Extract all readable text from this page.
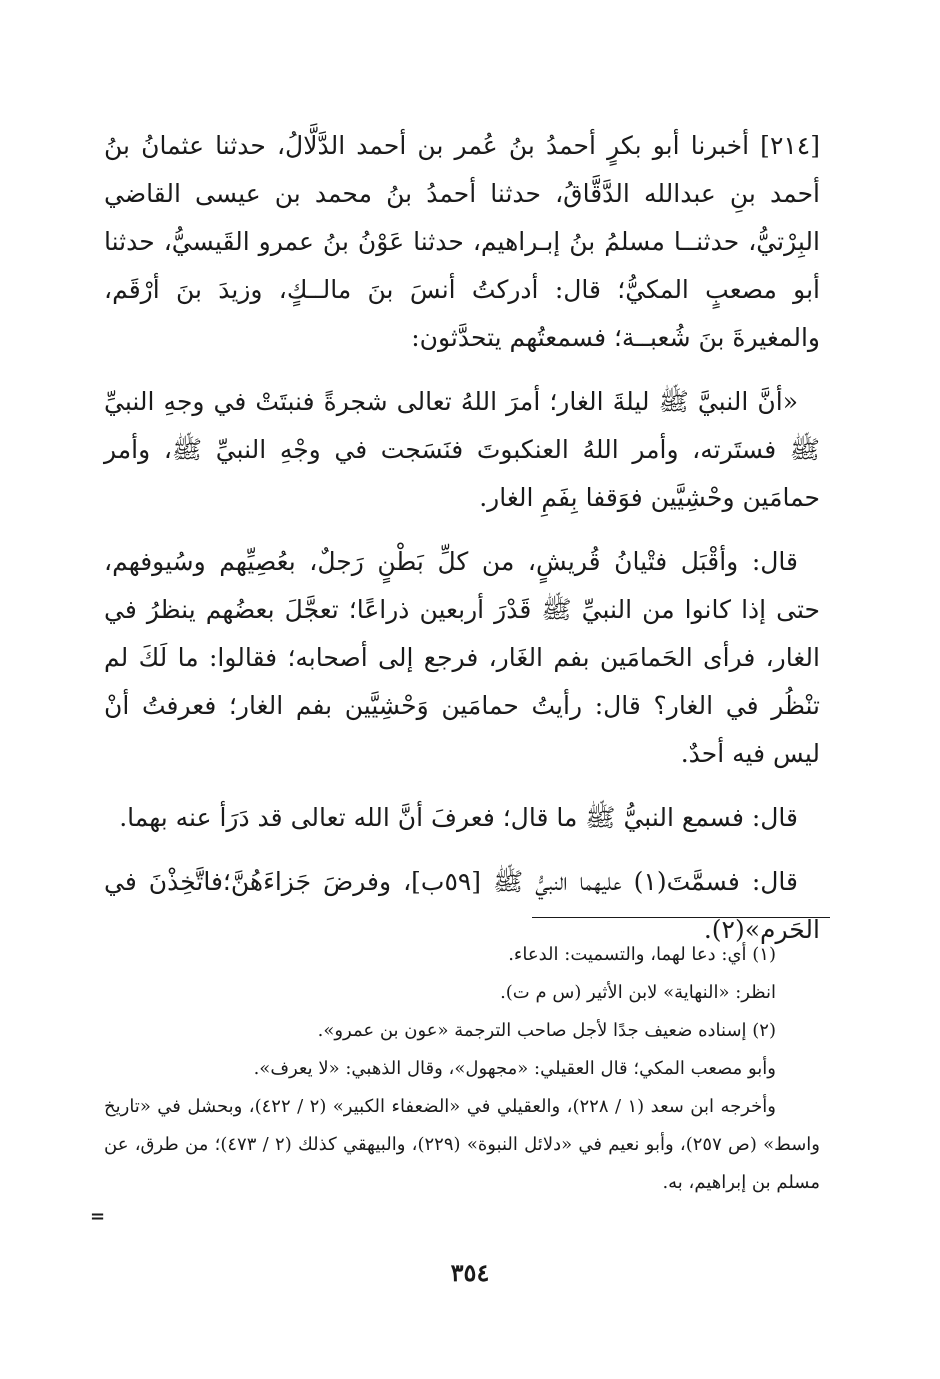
[٢١٤] أخبرنا أبو بكرٍ أحمدُ بنُ عُمر بن أحمد الدَّلَّالُ، حدثنا عثمانُ بنُ أحمد بنِ عبدالله الدَّقَّاقُ، حدثنا أحمدُ بنُ محمد بن عيسى القاضي البِرْتيُّ، حدثنــا مسلمُ بنُ إبـراهيم، حدثنا عَوْنُ بنُ عمرو القَيسيُّ، حدثنا أبو مصعبٍ المكيُّ؛ قال: أدركتُ أنسَ بنَ مالــكٍ، وزيدَ بنَ أرْقَم، والمغيرةَ بنَ شُعبــة؛ فسمعتُهم يتحدَّثون:

«أنَّ النبيَّ ﷺ ليلةَ الغار؛ أمرَ اللهُ تعالى شجرةً فنبتَتْ في وجهِ النبيِّ ﷺ فستَرته، وأمر اللهُ العنكبوتَ فنَسَجت في وجْهِ النبيِّ ﷺ، وأمر حمامَين وحْشِيَّين فوَقفا بِفَمِ الغار.

قال: وأقْبَل فتْيانُ قُريشٍ، من كلِّ بَطْنٍ رَجلٌ، بعُصِيِّهم وسُيوفهم، حتى إذا كانوا من النبيِّ ﷺ قَدْرَ أربعين ذراعًا؛ تعجَّلَ بعضُهم ينظرُ في الغار، فرأى الحَمامَين بفم الغَار، فرجع إلى أصحابه؛ فقالوا: ما لَكَ لم تنْظُر في الغار؟ قال: رأيتُ حمامَين وَحْشِيَّين بفم الغار؛ فعرفتُ أنْ ليس فيه أحدٌ.

قال: فسمع النبيُّ ﷺ ما قال؛ فعرفَ أنَّ الله تعالى قد دَرَأ عنه بهما.

قال: فسمَّتَ(١) عليهما النبيُّ ﷺ [٥٩ب]، وفرضَ جَزاءَهُنَّ؛فاتَّخِذْنَ في الحَرم»(٢).

(١) أي: دعا لهما، والتسميت: الدعاء.

انظر: «النهاية» لابن الأثير (س م ت).

(٢) إسناده ضعيف جدًا لأجل صاحب الترجمة «عون بن عمرو».

وأبو مصعب المكي؛ قال العقيلي: «مجهول»، وقال الذهبي: «لا يعرف».

وأخرجه ابن سعد (١ / ٢٢٨)، والعقيلي في «الضعفاء الكبير» (٢ / ٤٢٢)، وبحشل في «تاريخ واسط» (ص ٢٥٧)، وأبو نعيم في «دلائل النبوة» (٢٢٩)، والبيهقي كذلك (٢ / ٤٧٣)؛ من طرق، عن مسلم بن إبراهيم، به.

=
٣٥٤
